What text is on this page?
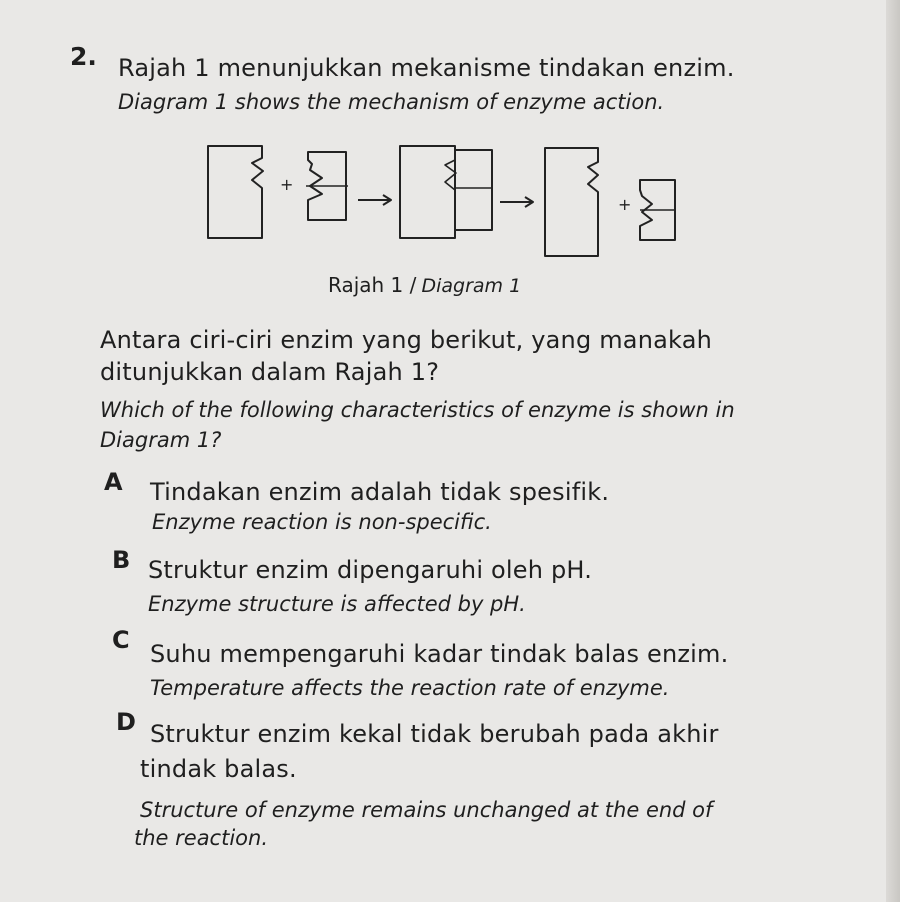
2. Rajah 1 menunjukkan mekanisme tindakan enzim.
Diagram 1 shows the mechanism of enzyme action.
+
+
Rajah 1 / Diagram 1
Antara ciri-ciri enzim yang berikut, yang manakah
ditunjukkan dalam Rajah 1?
Which of the following characteristics of enzyme is shown in
Diagram 1?
A Tindakan enzim adalah tidak spesifik.
Enzyme reaction is non-specific.
B Struktur enzim dipengaruhi oleh pH.
Enzyme structure is affected by pH.
C Suhu mempengaruhi kadar tindak balas enzim.
Temperature affects the reaction rate of enzyme.
D Struktur enzim kekal tidak berubah pada akhir
tindak balas.
Structure of enzyme remains unchanged at the end of
the reaction.
